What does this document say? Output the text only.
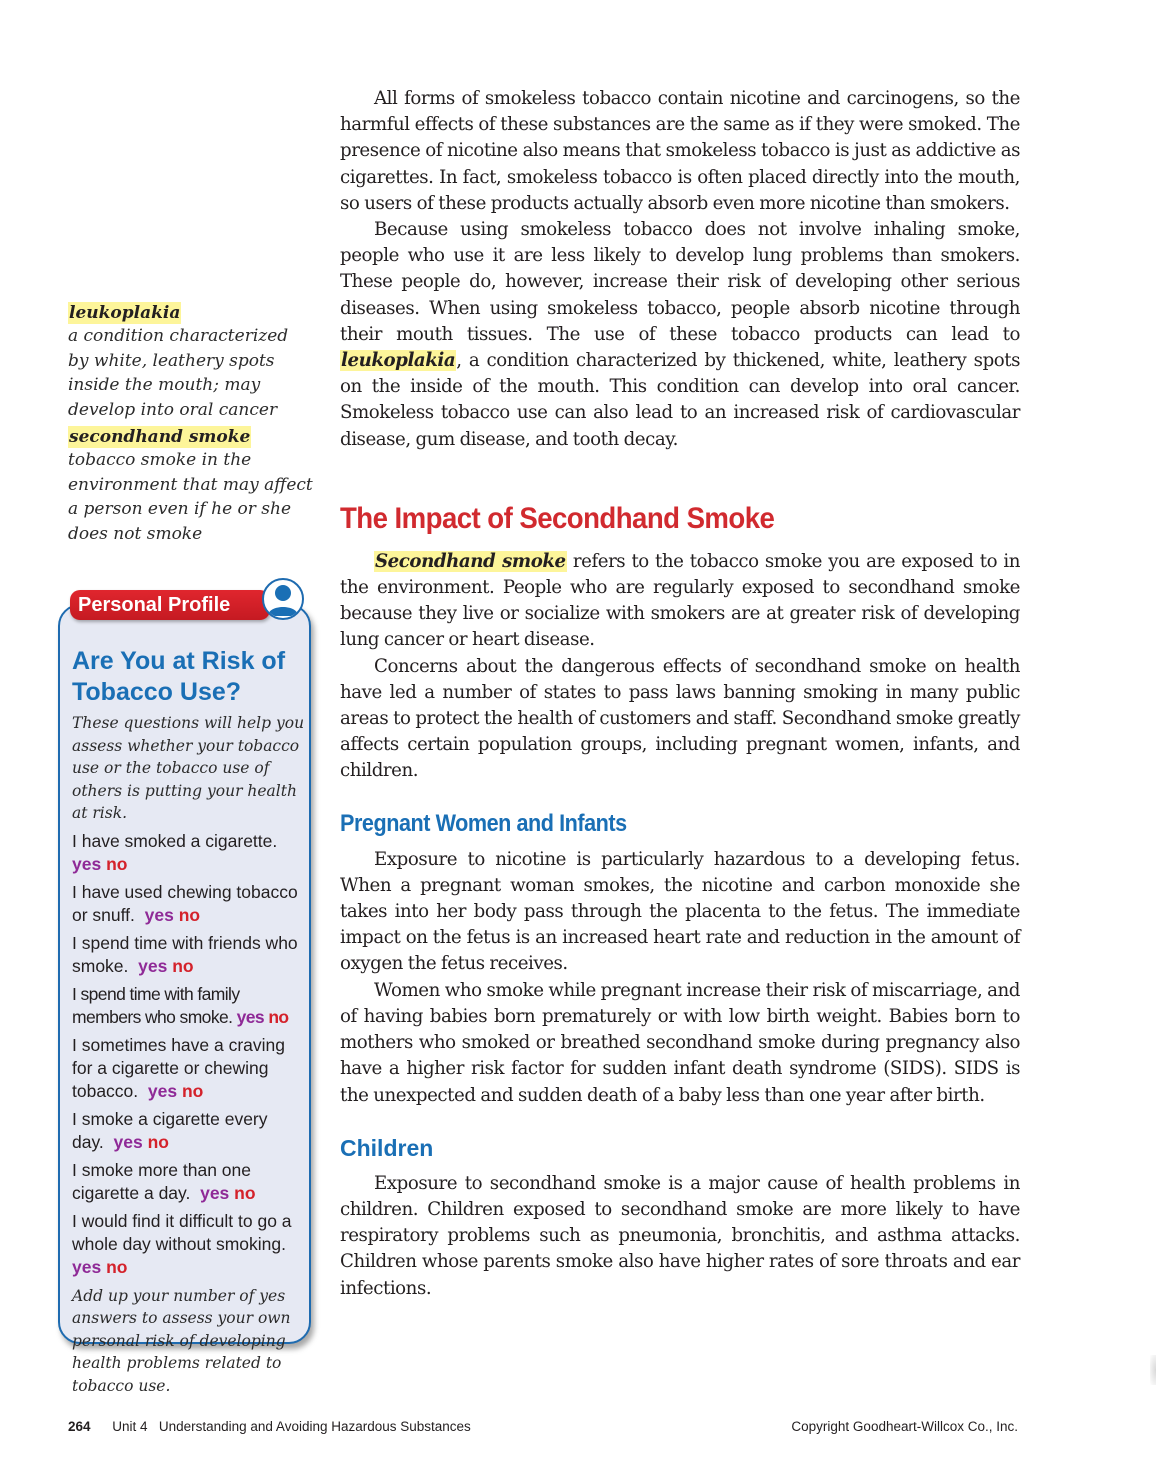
leukoplakia
a condition characterized by white, leathery spots inside the mouth; may develop into oral cancer
secondhand smoke
tobacco smoke in the environment that may affect a person even if he or she does not smoke
Personal Profile
Are You at Risk of Tobacco Use?
These questions will help you assess whether your tobacco use or the tobacco use of others is putting your health at risk.
I have smoked a cigarette.
yes no
I have used chewing tobacco or snuff. yes no
I spend time with friends who smoke. yes no
I spend time with family members who smoke. yes no
I sometimes have a craving for a cigarette or chewing tobacco. yes no
I smoke a cigarette every day. yes no
I smoke more than one cigarette a day. yes no
I would find it difficult to go a whole day without smoking.
yes no
Add up your number of yes answers to assess your own personal risk of developing health problems related to tobacco use.

All forms of smokeless tobacco contain nicotine and carcinogens, so the harmful effects of these substances are the same as if they were smoked. The presence of nicotine also means that smokeless tobacco is just as addictive as cigarettes. In fact, smokeless tobacco is often placed directly into the mouth, so users of these products actually absorb even more nicotine than smokers.

Because using smokeless tobacco does not involve inhaling smoke, people who use it are less likely to develop lung problems than smokers. These people do, however, increase their risk of developing other serious diseases. When using smokeless tobacco, people absorb nicotine through their mouth tissues. The use of these tobacco products can lead to leukoplakia, a condition characterized by thickened, white, leathery spots on the inside of the mouth. This condition can develop into oral cancer. Smokeless tobacco use can also lead to an increased risk of cardiovascular disease, gum disease, and tooth decay.

The Impact of Secondhand Smoke

Secondhand smoke refers to the tobacco smoke you are exposed to in the environment. People who are regularly exposed to secondhand smoke because they live or socialize with smokers are at greater risk of developing lung cancer or heart disease.

Concerns about the dangerous effects of secondhand smoke on health have led a number of states to pass laws banning smoking in many public areas to protect the health of customers and staff. Secondhand smoke greatly affects certain population groups, including pregnant women, infants, and children.

Pregnant Women and Infants

Exposure to nicotine is particularly hazardous to a developing fetus. When a pregnant woman smokes, the nicotine and carbon monoxide she takes into her body pass through the placenta to the fetus. The immediate impact on the fetus is an increased heart rate and reduction in the amount of oxygen the fetus receives.

Women who smoke while pregnant increase their risk of miscarriage, and of having babies born prematurely or with low birth weight. Babies born to mothers who smoked or breathed secondhand smoke during pregnancy also have a higher risk factor for sudden infant death syndrome (SIDS). SIDS is the unexpected and sudden death of a baby less than one year after birth.

Children

Exposure to secondhand smoke is a major cause of health problems in children. Children exposed to secondhand smoke are more likely to have respiratory problems such as pneumonia, bronchitis, and asthma attacks. Children whose parents smoke also have higher rates of sore throats and ear infections.

264 Unit 4 Understanding and Avoiding Hazardous Substances	Copyright Goodheart-Willcox Co., Inc.
